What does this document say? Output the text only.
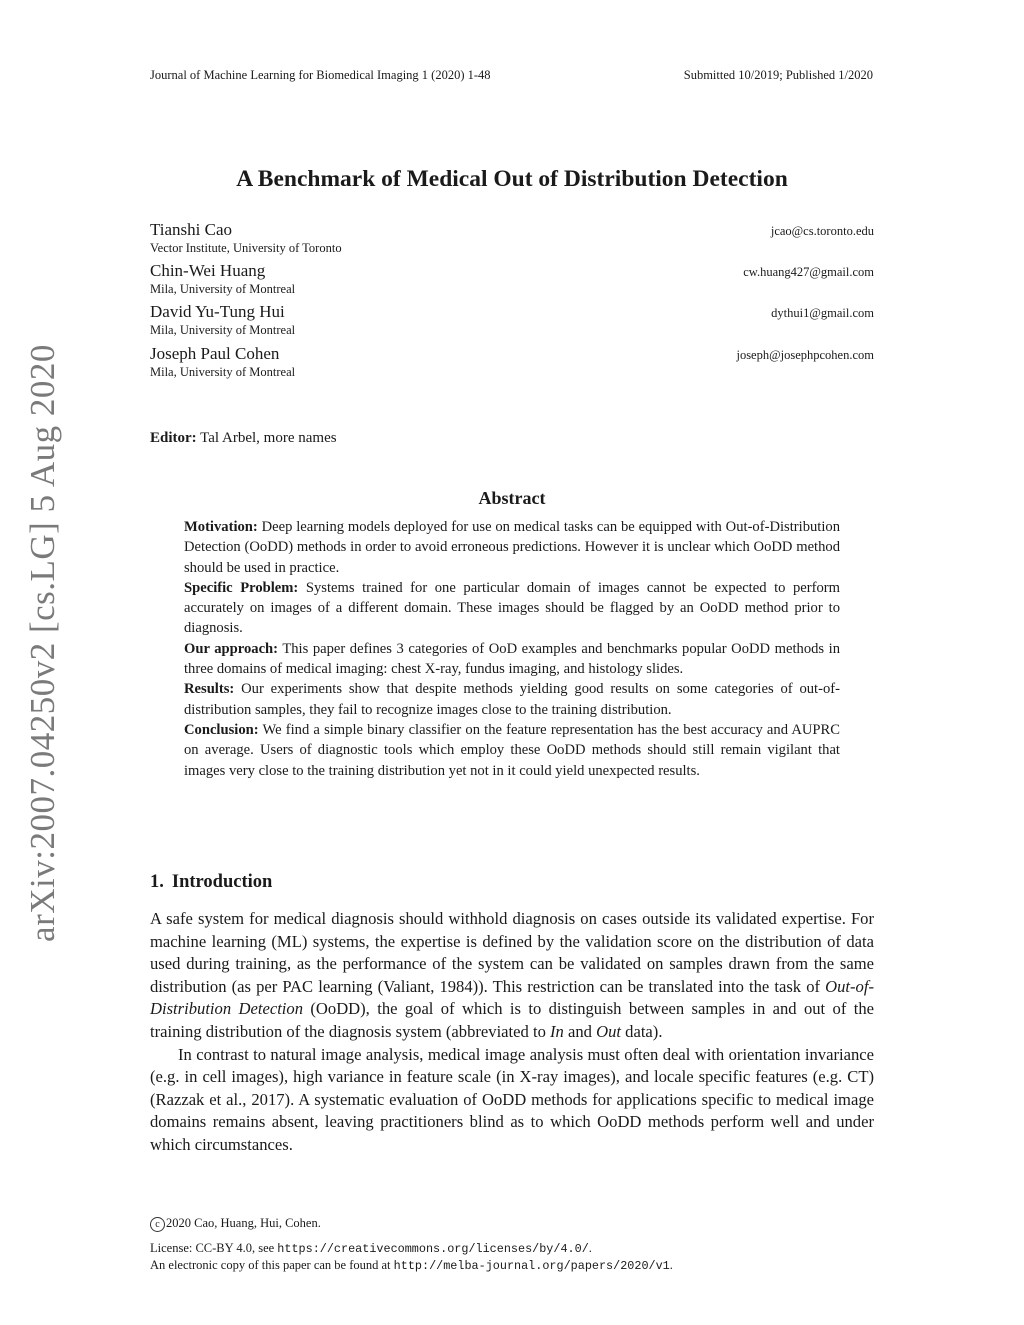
Journal of Machine Learning for Biomedical Imaging 1 (2020) 1-48	Submitted 10/2019; Published 1/2020
arXiv:2007.04250v2 [cs.LG] 5 Aug 2020
A Benchmark of Medical Out of Distribution Detection
Tianshi Cao	jcao@cs.toronto.edu
Vector Institute, University of Toronto
Chin-Wei Huang	cw.huang427@gmail.com
Mila, University of Montreal
David Yu-Tung Hui	dythui1@gmail.com
Mila, University of Montreal
Joseph Paul Cohen	joseph@josephpcohen.com
Mila, University of Montreal
Editor: Tal Arbel, more names
Abstract

Motivation: Deep learning models deployed for use on medical tasks can be equipped with Out-of-Distribution Detection (OoDD) methods in order to avoid erroneous predictions. However it is unclear which OoDD method should be used in practice.

Specific Problem: Systems trained for one particular domain of images cannot be expected to perform accurately on images of a different domain. These images should be flagged by an OoDD method prior to diagnosis.

Our approach: This paper defines 3 categories of OoD examples and benchmarks popular OoDD methods in three domains of medical imaging: chest X-ray, fundus imaging, and histology slides.

Results: Our experiments show that despite methods yielding good results on some categories of out-of-distribution samples, they fail to recognize images close to the training distribution.

Conclusion: We find a simple binary classifier on the feature representation has the best accuracy and AUPRC on average. Users of diagnostic tools which employ these OoDD methods should still remain vigilant that images very close to the training distribution yet not in it could yield unexpected results.

1. Introduction

A safe system for medical diagnosis should withhold diagnosis on cases outside its validated expertise. For machine learning (ML) systems, the expertise is defined by the validation score on the distribution of data used during training, as the performance of the system can be validated on samples drawn from the same distribution (as per PAC learning (Valiant, 1984)). This restriction can be translated into the task of Out-of-Distribution Detection (OoDD), the goal of which is to distinguish between samples in and out of the training distribution of the diagnosis system (abbreviated to In and Out data).

In contrast to natural image analysis, medical image analysis must often deal with orientation invariance (e.g. in cell images), high variance in feature scale (in X-ray images), and locale specific features (e.g. CT) (Razzak et al., 2017). A systematic evaluation of OoDD methods for applications specific to medical image domains remains absent, leaving practitioners blind as to which OoDD methods perform well and under which circumstances.

c 2020 Cao, Huang, Hui, Cohen.
License: CC-BY 4.0, see https://creativecommons.org/licenses/by/4.0/.
An electronic copy of this paper can be found at http://melba-journal.org/papers/2020/v1.
